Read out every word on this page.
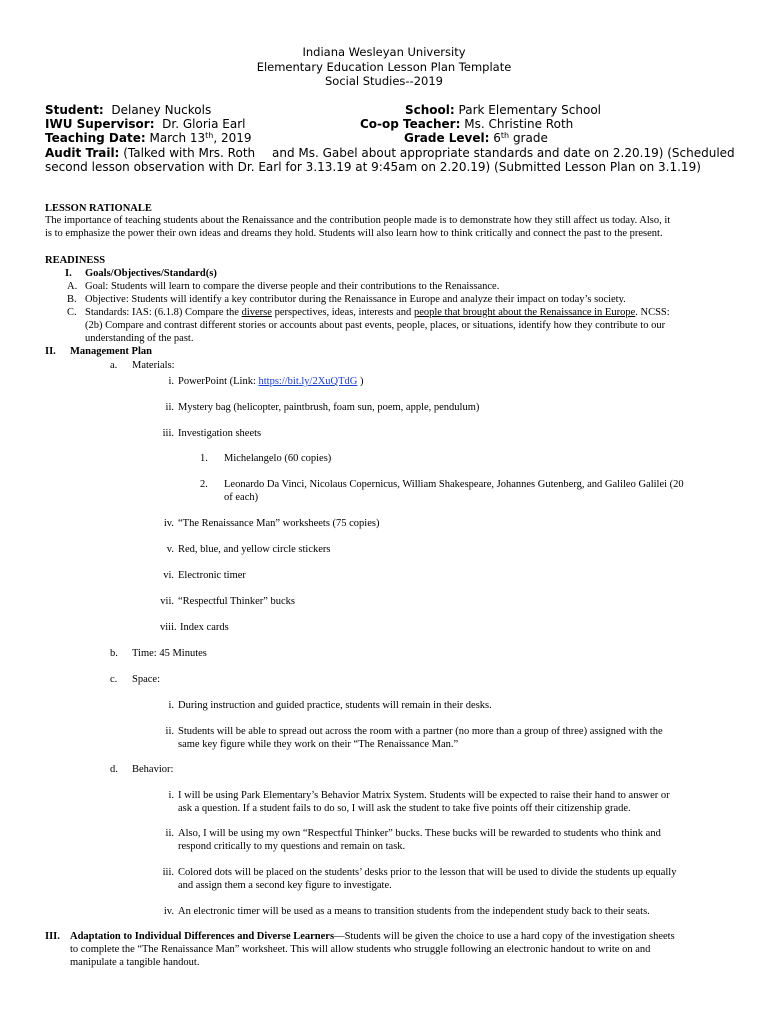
Indiana Wesleyan University
Elementary Education Lesson Plan Template
Social Studies--2019
Student: Delaney Nuckols	School: Park Elementary School
IWU Supervisor: Dr. Gloria Earl	Co-op Teacher: Ms. Christine Roth
Teaching Date: March 13th, 2019	Grade Level: 6th grade
Audit Trail: (Talked with Mrs. Roth and Ms. Gabel about appropriate standards and date on 2.20.19) (Scheduled
second lesson observation with Dr. Earl for 3.13.19 at 9:45am on 2.20.19) (Submitted Lesson Plan on 3.1.19)
LESSON RATIONALE
The importance of teaching students about the Renaissance and the contribution people made is to demonstrate how they still affect us today. Also, it
is to emphasize the power their own ideas and dreams they hold. Students will also learn how to think critically and connect the past to the present.
READINESS
I. Goals/Objectives/Standard(s)
A. Goal: Students will learn to compare the diverse people and their contributions to the Renaissance.
B. Objective: Students will identify a key contributor during the Renaissance in Europe and analyze their impact on today’s society.
C. Standards: IAS: (6.1.8) Compare the diverse perspectives, ideas, interests and people that brought about the Renaissance in Europe. NCSS:
(2b) Compare and contrast different stories or accounts about past events, people, places, or situations, identify how they contribute to our
understanding of the past.
II. Management Plan
a. Materials:
i. PowerPoint (Link: https://bit.ly/2XuQTdG )
ii. Mystery bag (helicopter, paintbrush, foam sun, poem, apple, pendulum)
iii. Investigation sheets
1. Michelangelo (60 copies)
2. Leonardo Da Vinci, Nicolaus Copernicus, William Shakespeare, Johannes Gutenberg, and Galileo Galilei (20
of each)
iv. “The Renaissance Man” worksheets (75 copies)
v. Red, blue, and yellow circle stickers
vi. Electronic timer
vii. “Respectful Thinker” bucks
viii. Index cards
b. Time: 45 Minutes
c. Space:
i. During instruction and guided practice, students will remain in their desks.
ii. Students will be able to spread out across the room with a partner (no more than a group of three) assigned with the
same key figure while they work on their “The Renaissance Man.”
d. Behavior:
i. I will be using Park Elementary’s Behavior Matrix System. Students will be expected to raise their hand to answer or
ask a question. If a student fails to do so, I will ask the student to take five points off their citizenship grade.
ii. Also, I will be using my own “Respectful Thinker” bucks. These bucks will be rewarded to students who think and
respond critically to my questions and remain on task.
iii. Colored dots will be placed on the students’ desks prior to the lesson that will be used to divide the students up equally
and assign them a second key figure to investigate.
iv. An electronic timer will be used as a means to transition students from the independent study back to their seats.
III. Adaptation to Individual Differences and Diverse Learners—Students will be given the choice to use a hard copy of the investigation sheets
to complete the “The Renaissance Man” worksheet. This will allow students who struggle following an electronic handout to write on and
manipulate a tangible handout.
